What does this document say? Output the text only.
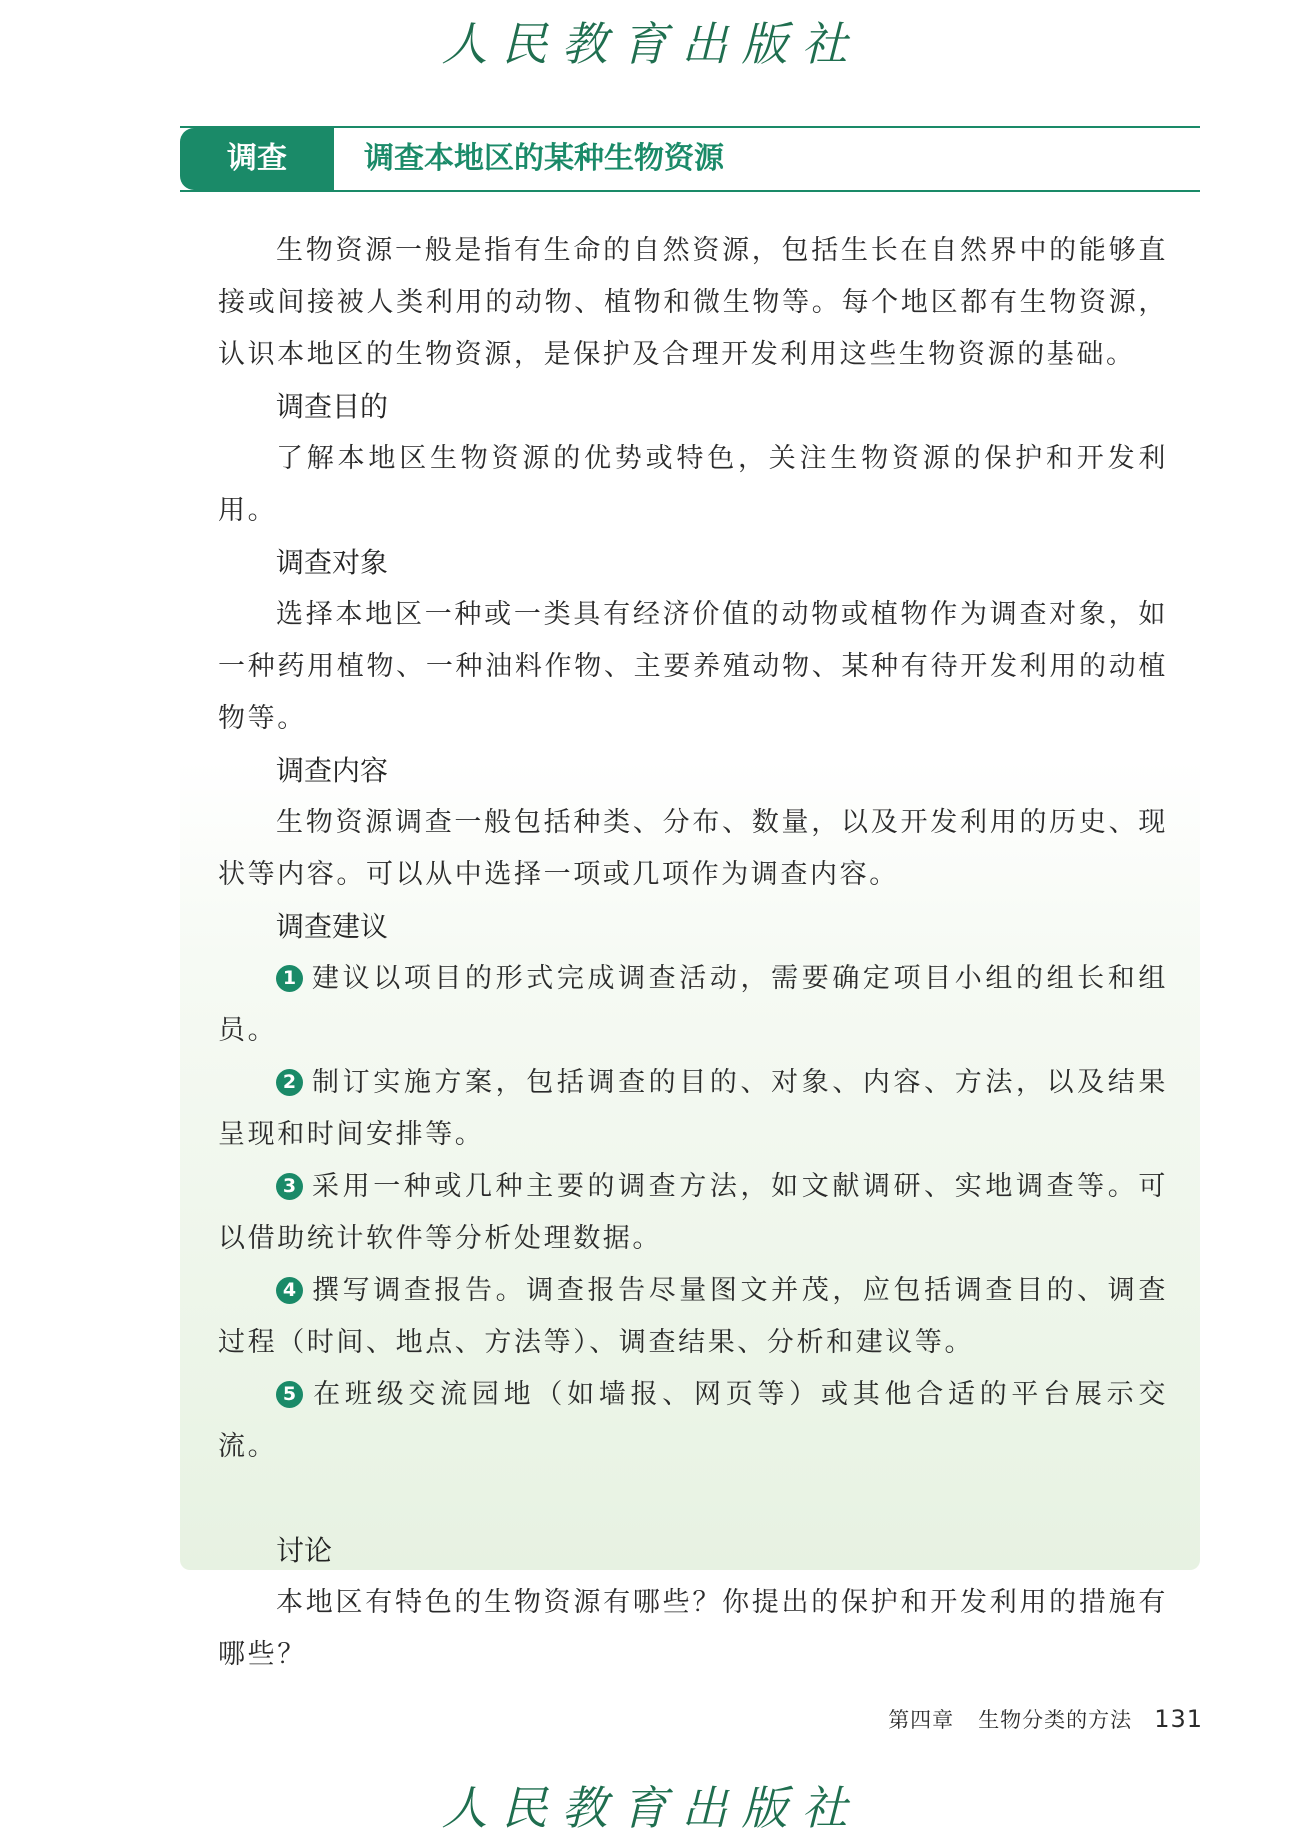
人民教育出版社
调查	调查本地区的某种生物资源

生物资源一般是指有生命的自然资源，包括生长在自然界中的能够直接或间接被人类利用的动物、植物和微生物等。每个地区都有生物资源，认识本地区的生物资源，是保护及合理开发利用这些生物资源的基础。

调查目的

了解本地区生物资源的优势或特色，关注生物资源的保护和开发利用。

调查对象

选择本地区一种或一类具有经济价值的动物或植物作为调查对象，如一种药用植物、一种油料作物、主要养殖动物、某种有待开发利用的动植物等。

调查内容

生物资源调查一般包括种类、分布、数量，以及开发利用的历史、现状等内容。可以从中选择一项或几项作为调查内容。

调查建议

1 建议以项目的形式完成调查活动，需要确定项目小组的组长和组员。

2 制订实施方案，包括调查的目的、对象、内容、方法，以及结果呈现和时间安排等。

3 采用一种或几种主要的调查方法，如文献调研、实地调查等。可以借助统计软件等分析处理数据。

4 撰写调查报告。调查报告尽量图文并茂，应包括调查目的、调查过程（时间、地点、方法等）、调查结果、分析和建议等。

5 在班级交流园地（如墙报、网页等）或其他合适的平台展示交流。

讨论

本地区有特色的生物资源有哪些？你提出的保护和开发利用的措施有哪些？

第四章 生物分类的方法 131
人民教育出版社
